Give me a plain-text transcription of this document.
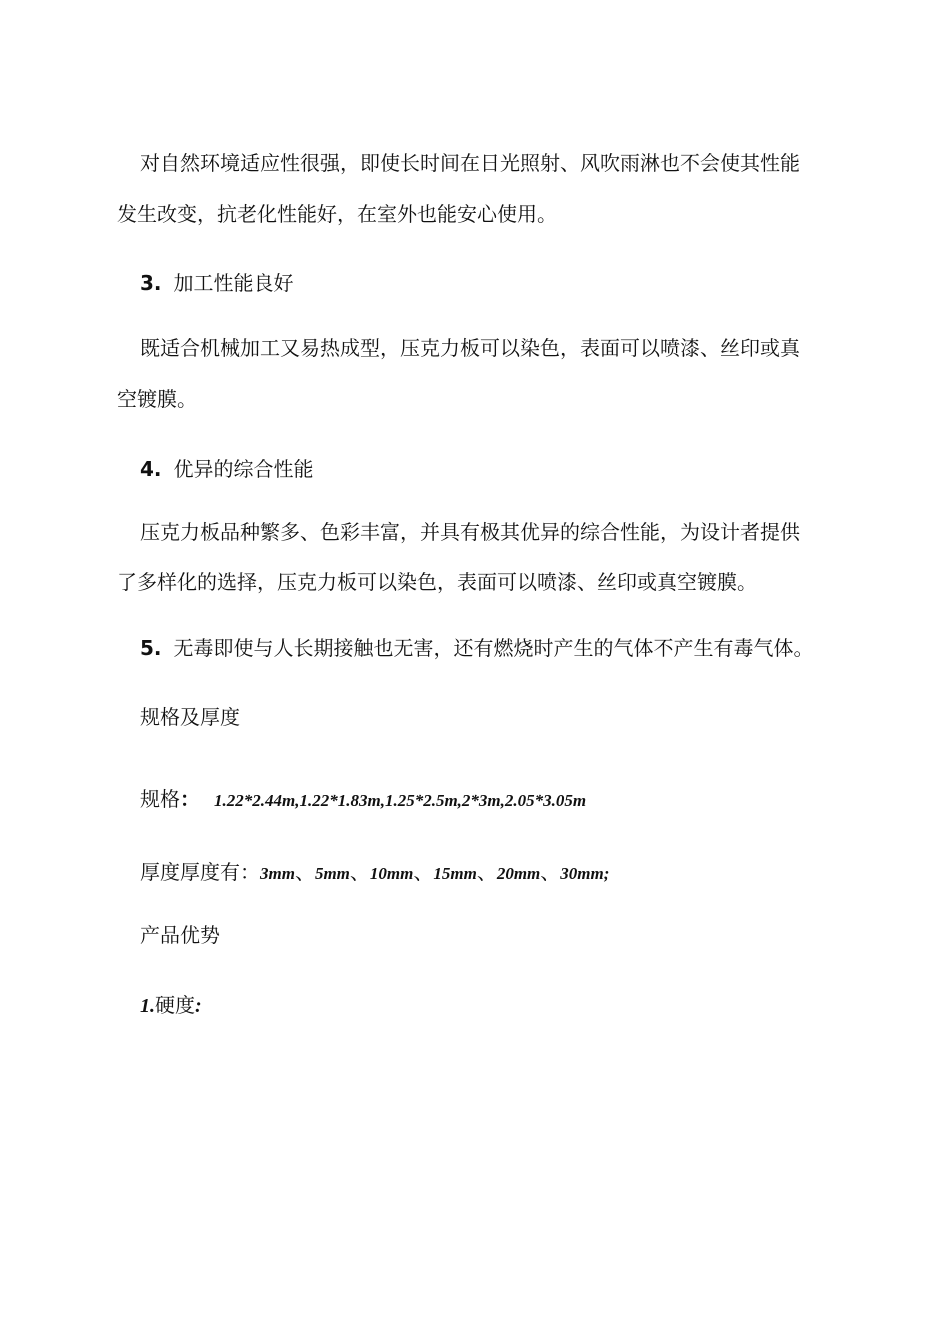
对自然环境适应性很强，即使长时间在日光照射、风吹雨淋也不会使其性能
发生改变，抗老化性能好，在室外也能安心使用。
3. 加工性能良好
既适合机械加工又易热成型，压克力板可以染色，表面可以喷漆、丝印或真
空镀膜。
4. 优异的综合性能
压克力板品种繁多、色彩丰富，并具有极其优异的综合性能，为设计者提供
了多样化的选择，压克力板可以染色，表面可以喷漆、丝印或真空镀膜。
5. 无毒即使与人长期接触也无害，还有燃烧时产生的气体不产生有毒气体。
规格及厚度
规格： 1.22*2.44m,1.22*1.83m,1.25*2.5m,2*3m,2.05*3.05m
厚度厚度有：3mm、5mm、10mm、15mm、20mm、30mm;
产品优势
1.硬度:
